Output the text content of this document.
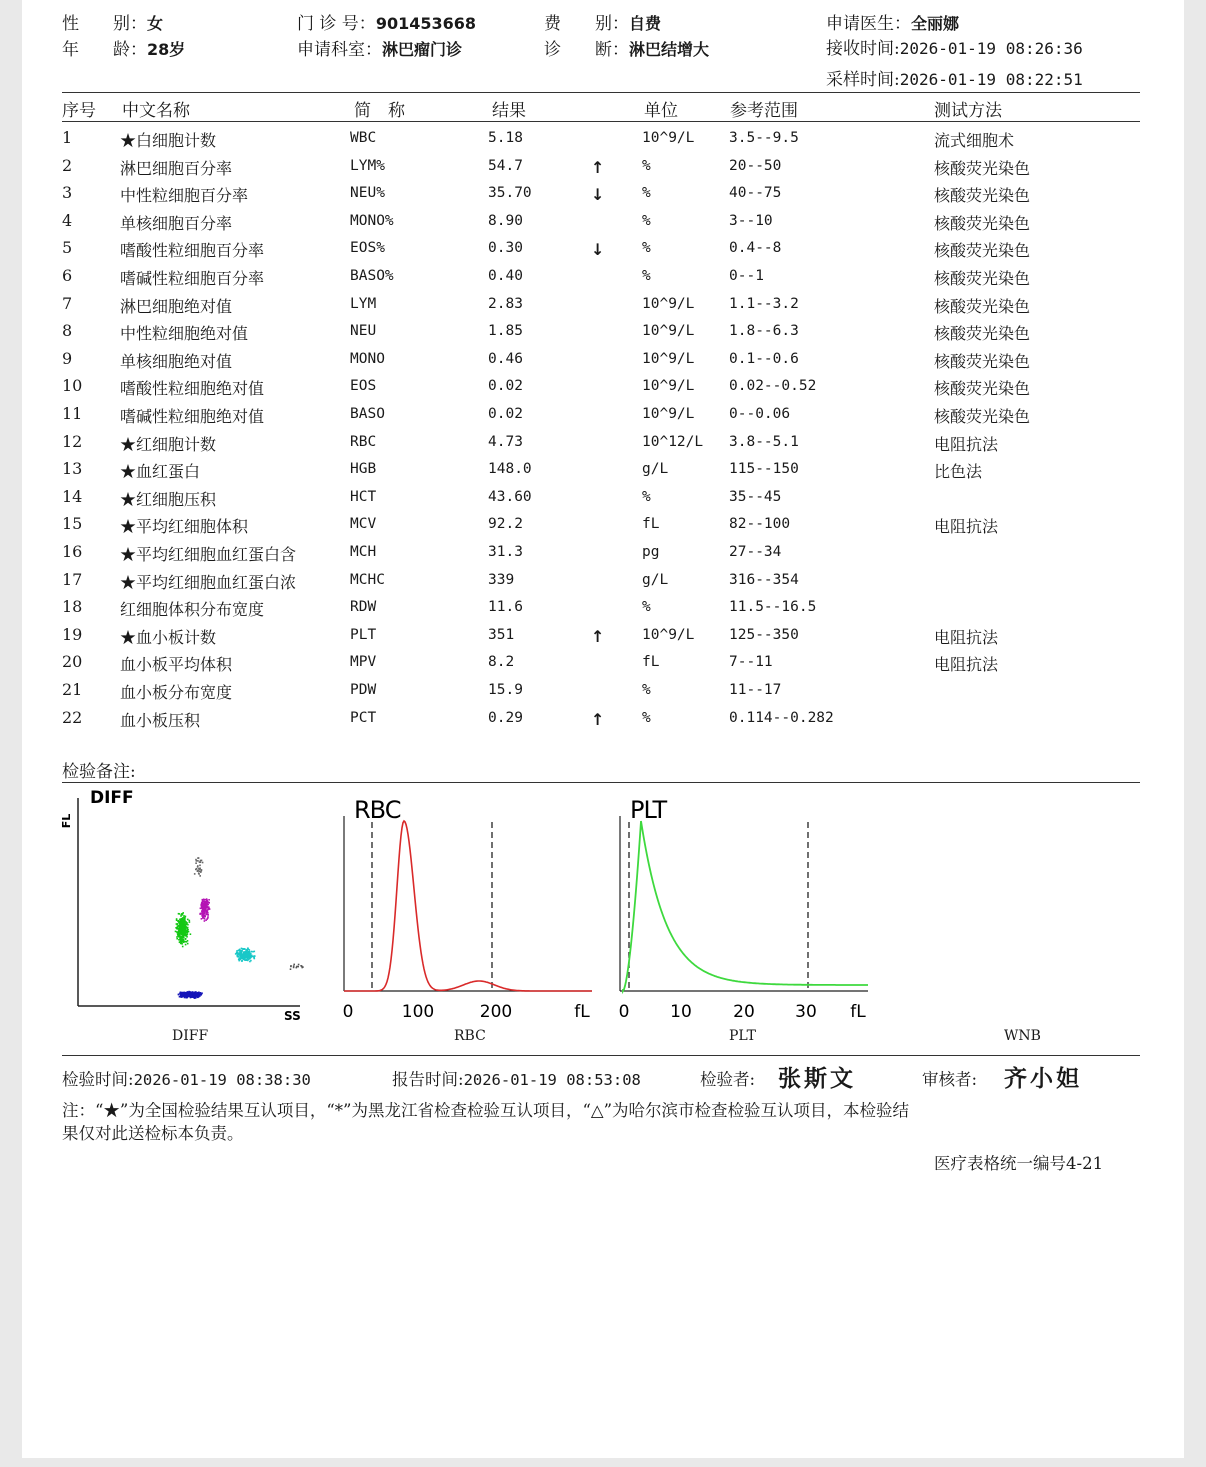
性　　别：女
年　　龄：28岁
门 诊 号：901453668
申请科室：淋巴瘤门诊
费　　别：自费
诊　　断：淋巴结增大
申请医生：全丽娜
接收时间:2026-01-19 08:26:36
采样时间:2026-01-19 08:22:51
序号 中文名称	简　称	结果	单位	参考范围	测试方法
1	★白细胞计数	WBC	5.18	10^9/L 3.5--9.5	流式细胞术
2	淋巴细胞百分率	LYM%	54.7	↑	%	20--50	核酸荧光染色
3	中性粒细胞百分率	NEU%	35.70	↓	%	40--75	核酸荧光染色
4	单核细胞百分率	MONO%	8.90	%	3--10	核酸荧光染色
5	嗜酸性粒细胞百分率	EOS%	0.30	↓	%	0.4--8	核酸荧光染色
6	嗜碱性粒细胞百分率	BASO%	0.40	%	0--1	核酸荧光染色
7	淋巴细胞绝对值	LYM	2.83	10^9/L 1.1--3.2	核酸荧光染色
8	中性粒细胞绝对值	NEU	1.85	10^9/L 1.8--6.3	核酸荧光染色
9	单核细胞绝对值	MONO	0.46	10^9/L 0.1--0.6	核酸荧光染色
10 嗜酸性粒细胞绝对值	EOS	0.02	10^9/L 0.02--0.52	核酸荧光染色
11 嗜碱性粒细胞绝对值	BASO	0.02	10^9/L 0--0.06	核酸荧光染色
12 ★红细胞计数	RBC	4.73	10^12/L 3.8--5.1	电阻抗法
13 ★血红蛋白	HGB	148.0	g/L	115--150	比色法
14 ★红细胞压积	HCT	43.60	%	35--45
15 ★平均红细胞体积	MCV	92.2	fL	82--100	电阻抗法
16 ★平均红细胞血红蛋白含	MCH	31.3	pg	27--34
17 ★平均红细胞血红蛋白浓	MCHC	339	g/L	316--354
18 红细胞体积分布宽度	RDW	11.6	%	11.5--16.5
19 ★血小板计数	PLT	351	↑	10^9/L 125--350	电阻抗法
20 血小板平均体积	MPV	8.2	fL	7--11	电阻抗法
21 血小板分布宽度	PDW	15.9	%	11--17
22 血小板压积	PCT	0.29	↑	%	0.114--0.282
检验备注:
DIFF
FL
SS
DIFF
RBC
0	100	200	fL
RBC
PLT
0 10 20 30 fL
PLT	WNB
检验时间:2026-01-19 08:38:30	报告时间:2026-01-19 08:53:08	检验者: 张斯文	审核者: 齐小妲
注：“★”为全国检验结果互认项目，“*”为黑龙江省检查检验互认项目，“△”为哈尔滨市检查检验互认项目，本检验结
果仅对此送检标本负责。
医疗表格统一编号4-21
